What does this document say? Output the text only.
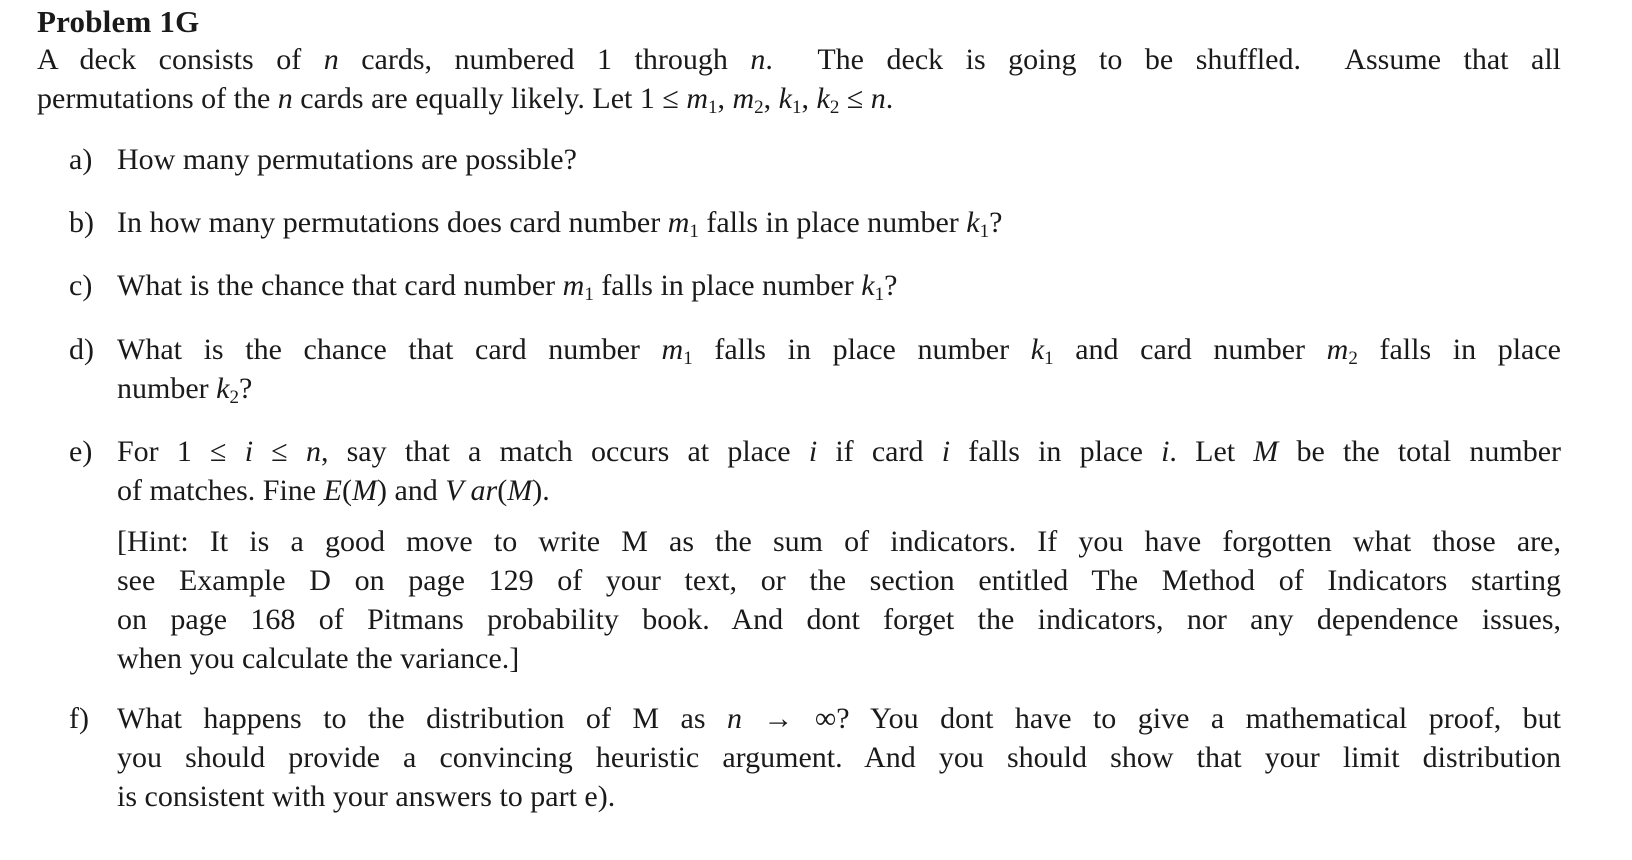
Problem 1G
A deck consists of n cards, numbered 1 through n.  The deck is going to be shuffled.  Assume that all
permutations of the n cards are equally likely. Let $1 \le m_1$, $m_2$, $k_1$, $k_2 \le n$.
a) How many permutations are possible?
b) In how many permutations does card number $m_1$ falls in place number $k_1$?
c) What is the chance that card number $m_1$ falls in place number $k_1$?
d) What is the chance that card number $m_1$ falls in place number $k_1$ and card number $m_2$ falls in place
number $k_2$?
e) For 1 ≤ i ≤ n, say that a match occurs at place i if card i falls in place i. Let M be the total number
of matches. Fine E(M) and V ar(M).
[Hint: It is a good move to write M as the sum of indicators. If you have forgotten what those are,
see Example D on page 129 of your text, or the section entitled The Method of Indicators starting
on page 168 of Pitmans probability book. And dont forget the indicators, nor any dependence issues,
when you calculate the variance.]
f) What happens to the distribution of M as n → ∞? You dont have to give a mathematical proof, but
you should provide a convincing heuristic argument. And you should show that your limit distribution
is consistent with your answers to part e).
